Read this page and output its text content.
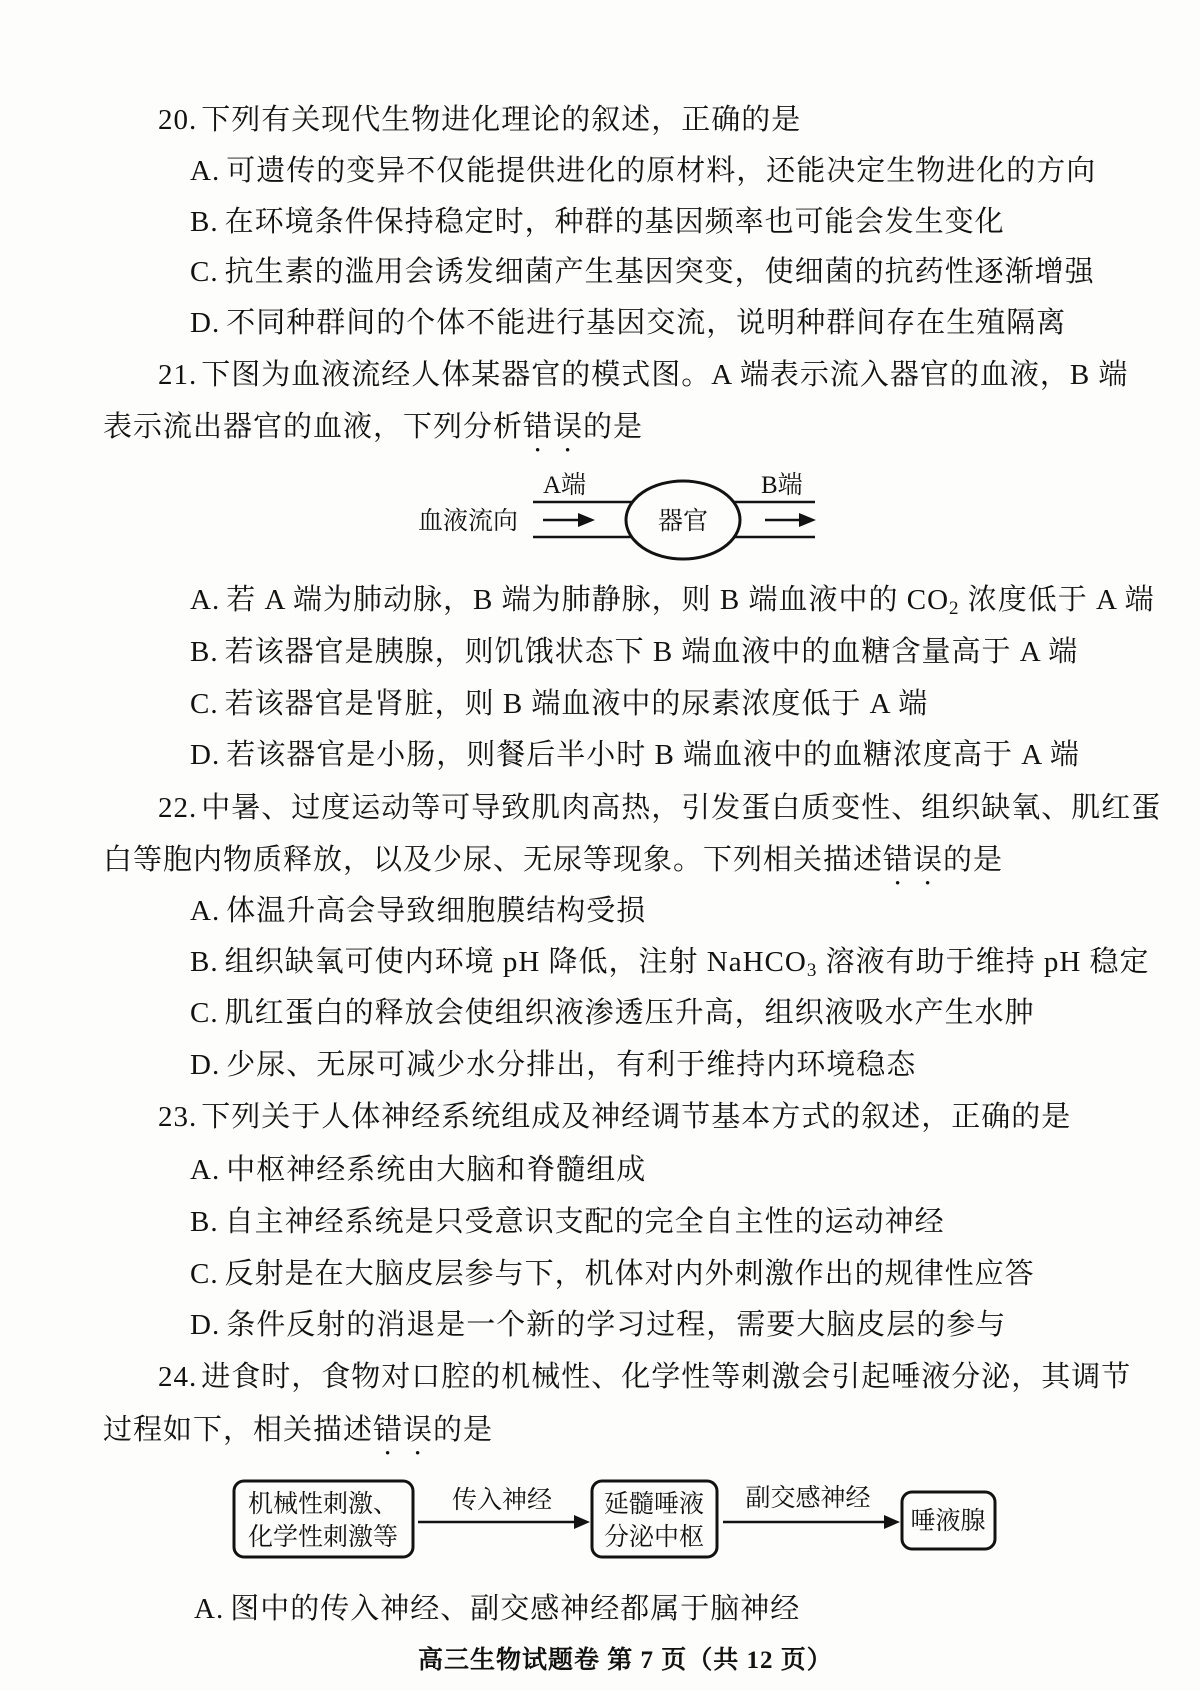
20. 下列有关现代生物进化理论的叙述，正确的是
A. 可遗传的变异不仅能提供进化的原材料，还能决定生物进化的方向
B. 在环境条件保持稳定时，种群的基因频率也可能会发生变化
C. 抗生素的滥用会诱发细菌产生基因突变，使细菌的抗药性逐渐增强
D. 不同种群间的个体不能进行基因交流，说明种群间存在生殖隔离
21. 下图为血液流经人体某器官的模式图。A 端表示流入器官的血液，B 端
表示流出器官的血液，下列分析错误的是
A端	B端
血液流向	器官
A. 若 A 端为肺动脉，B 端为肺静脉，则 B 端血液中的 $CO_2$ 浓度低于 A 端
B. 若该器官是胰腺，则饥饿状态下 B 端血液中的血糖含量高于 A 端
C. 若该器官是肾脏，则 B 端血液中的尿素浓度低于 A 端
D. 若该器官是小肠，则餐后半小时 B 端血液中的血糖浓度高于 A 端
22. 中暑、过度运动等可导致肌肉高热，引发蛋白质变性、组织缺氧、肌红蛋
白等胞内物质释放，以及少尿、无尿等现象。下列相关描述错误的是
A. 体温升高会导致细胞膜结构受损
B. 组织缺氧可使内环境 pH 降低，注射 NaHCO$_3$ 溶液有助于维持 pH 稳定
C. 肌红蛋白的释放会使组织液渗透压升高，组织液吸水产生水肿
D. 少尿、无尿可减少水分排出，有利于维持内环境稳态
23. 下列关于人体神经系统组成及神经调节基本方式的叙述，正确的是
A. 中枢神经系统由大脑和脊髓组成
B. 自主神经系统是只受意识支配的完全自主性的运动神经
C. 反射是在大脑皮层参与下，机体对内外刺激作出的规律性应答
D. 条件反射的消退是一个新的学习过程，需要大脑皮层的参与
24. 进食时，食物对口腔的机械性、化学性等刺激会引起唾液分泌，其调节
过程如下，相关描述错误的是
机械性刺激、
化学性刺激等
传入神经 延髓唾液
分泌中枢
副交感神经
唾液腺
A. 图中的传入神经、副交感神经都属于脑神经
高三生物试题卷 第 7 页（共 12 页）
